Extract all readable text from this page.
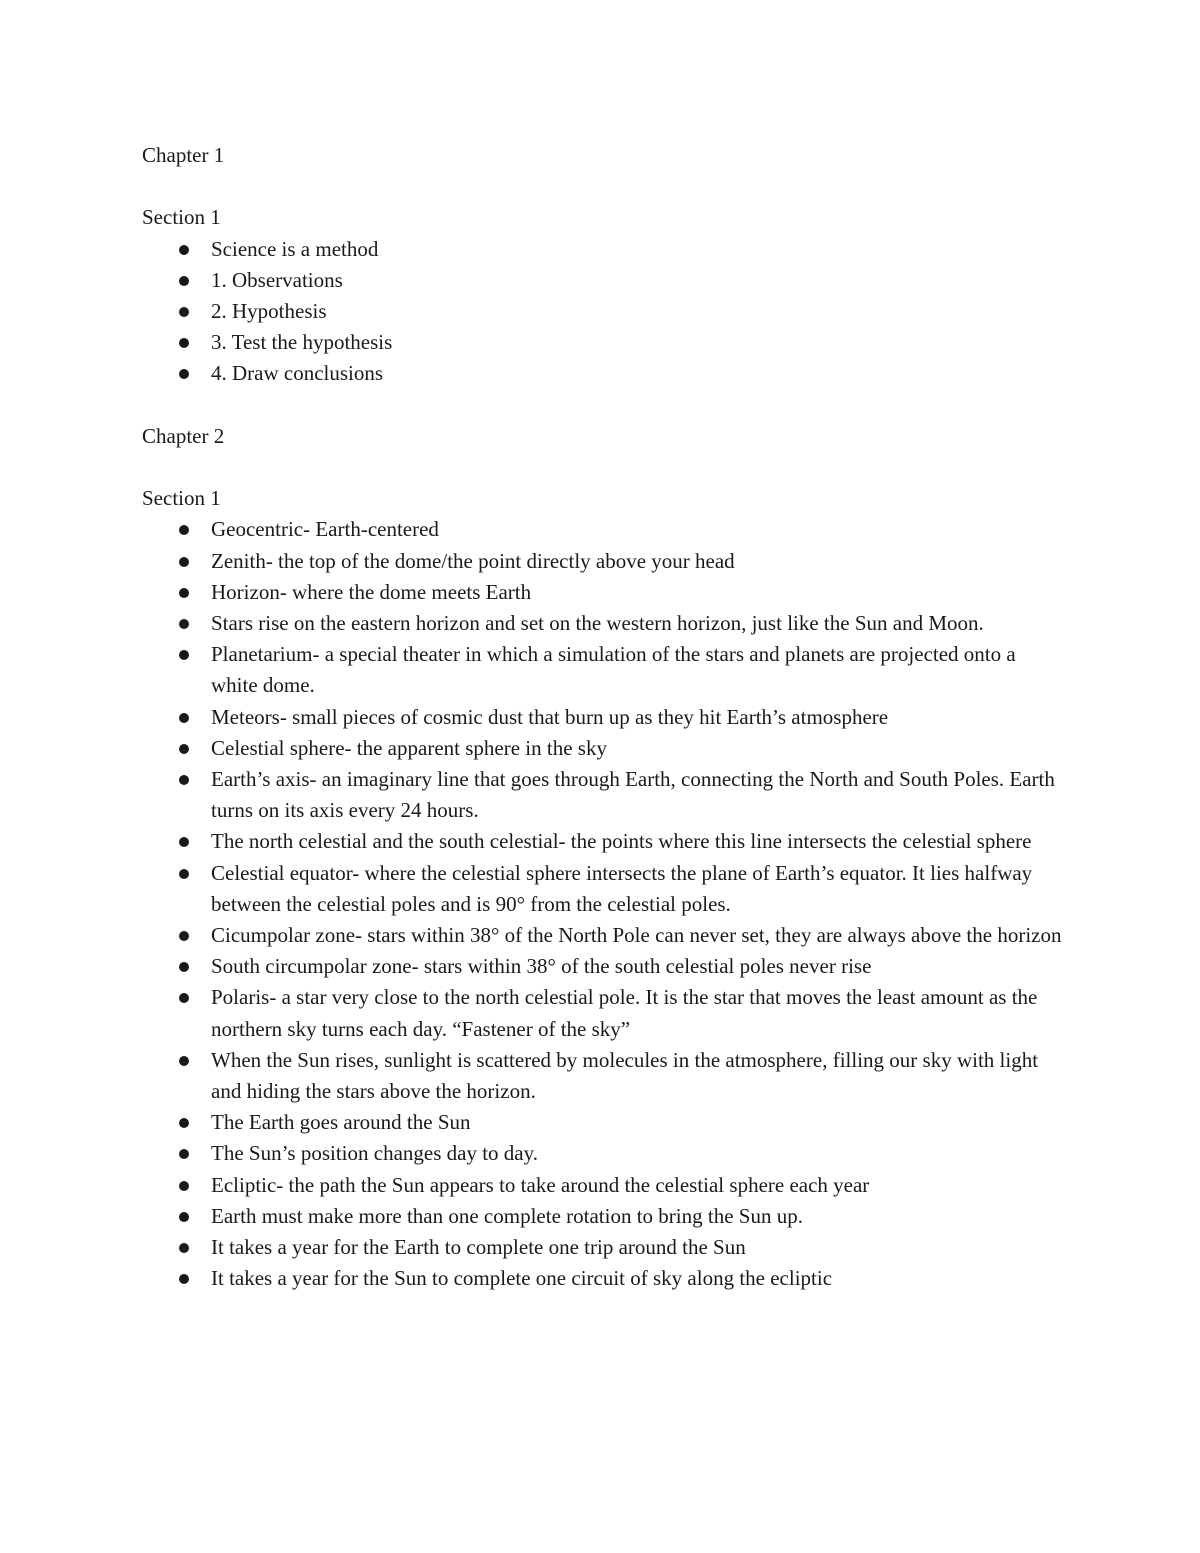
Chapter 1

Section 1

Science is a method
1. Observations
2. Hypothesis
3. Test the hypothesis
4. Draw conclusions

Chapter 2

Section 1

Geocentric- Earth-centered
Zenith- the top of the dome/the point directly above your head
Horizon- where the dome meets Earth
Stars rise on the eastern horizon and set on the western horizon, just like the Sun and Moon.
Planetarium- a special theater in which a simulation of the stars and planets are projected onto a white dome.
Meteors- small pieces of cosmic dust that burn up as they hit Earth’s atmosphere
Celestial sphere- the apparent sphere in the sky
Earth’s axis- an imaginary line that goes through Earth, connecting the North and South Poles. Earth turns on its axis every 24 hours.
The north celestial and the south celestial- the points where this line intersects the celestial sphere
Celestial equator- where the celestial sphere intersects the plane of Earth’s equator. It lies halfway between the celestial poles and is 90° from the celestial poles.
Cicumpolar zone- stars within 38° of the North Pole can never set, they are always above the horizon
South circumpolar zone- stars within 38° of the south celestial poles never rise
Polaris- a star very close to the north celestial pole. It is the star that moves the least amount as the northern sky turns each day. “Fastener of the sky”
When the Sun rises, sunlight is scattered by molecules in the atmosphere, filling our sky with light and hiding the stars above the horizon.
The Earth goes around the Sun
The Sun’s position changes day to day.
Ecliptic- the path the Sun appears to take around the celestial sphere each year
Earth must make more than one complete rotation to bring the Sun up.
It takes a year for the Earth to complete one trip around the Sun
It takes a year for the Sun to complete one circuit of sky along the ecliptic
